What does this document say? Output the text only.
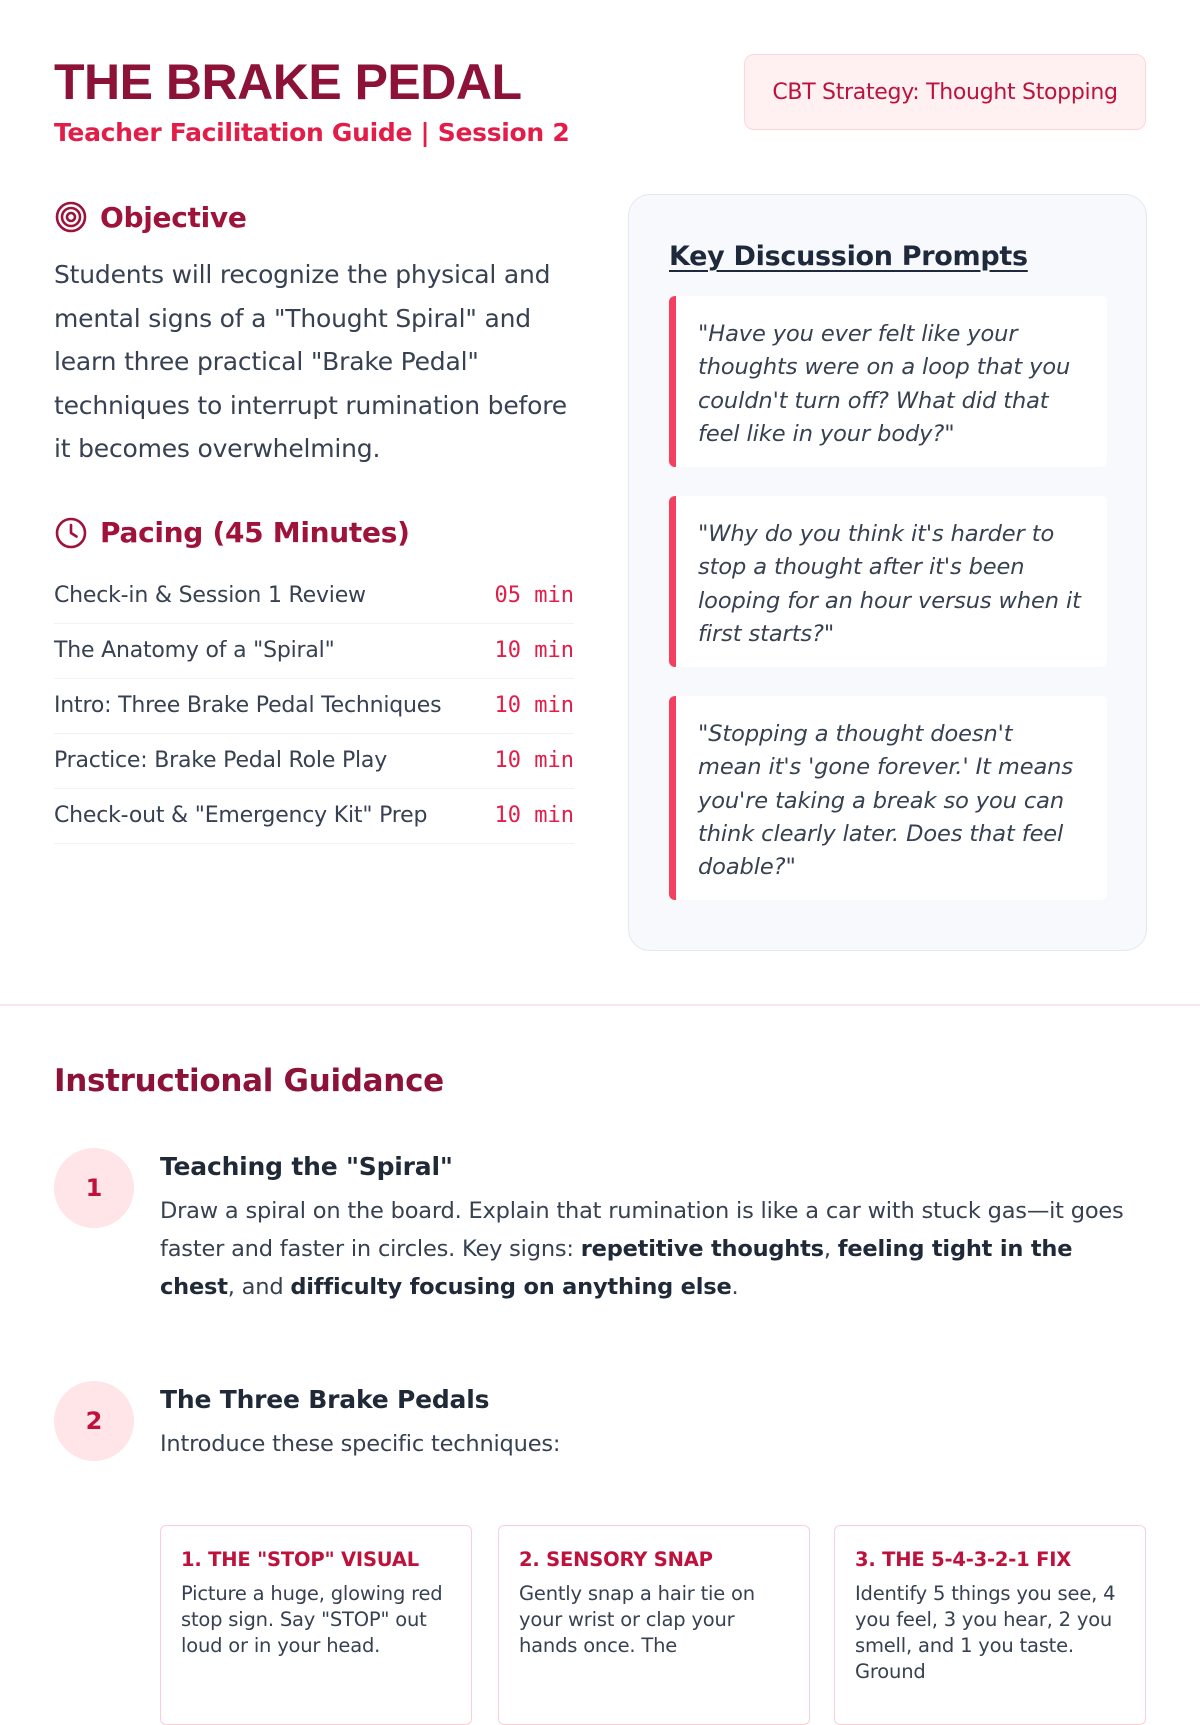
THE BRAKE PEDAL
Teacher Facilitation Guide | Session 2
CBT Strategy: Thought Stopping
Objective

Students will recognize the physical and mental signs of a "Thought Spiral" and learn three practical "Brake Pedal" techniques to interrupt rumination before it becomes overwhelming.

Pacing (45 Minutes)
Check-in & Session 1 Review	05 min
The Anatomy of a "Spiral"	10 min
Intro: Three Brake Pedal Techniques 10 min
Practice: Brake Pedal Role Play	10 min
Check-out & "Emergency Kit" Prep	10 min
Key Discussion Prompts
"Have you ever felt like your thoughts were on a loop that you couldn't turn off? What did that feel like in your body?"
"Why do you think it's harder to stop a thought after it's been looping for an hour versus when it first starts?"
"Stopping a thought doesn't mean it's 'gone forever.' It means you're taking a break so you can think clearly later. Does that feel doable?"
Instructional Guidance
1
Teaching the "Spiral"

Draw a spiral on the board. Explain that rumination is like a car with stuck gas—it goes faster and faster in circles. Key signs: repetitive thoughts, feeling tight in the chest, and difficulty focusing on anything else.

2
The Three Brake Pedals

Introduce these specific techniques:

1. THE "STOP" VISUAL
Picture a huge, glowing red stop sign. Say "STOP" out loud or in your head.
2. SENSORY SNAP
Gently snap a hair tie on your wrist or clap your hands once. The
3. THE 5-4-3-2-1 FIX
Identify 5 things you see, 4 you feel, 3 you hear, 2 you smell, and 1 you taste. Ground
